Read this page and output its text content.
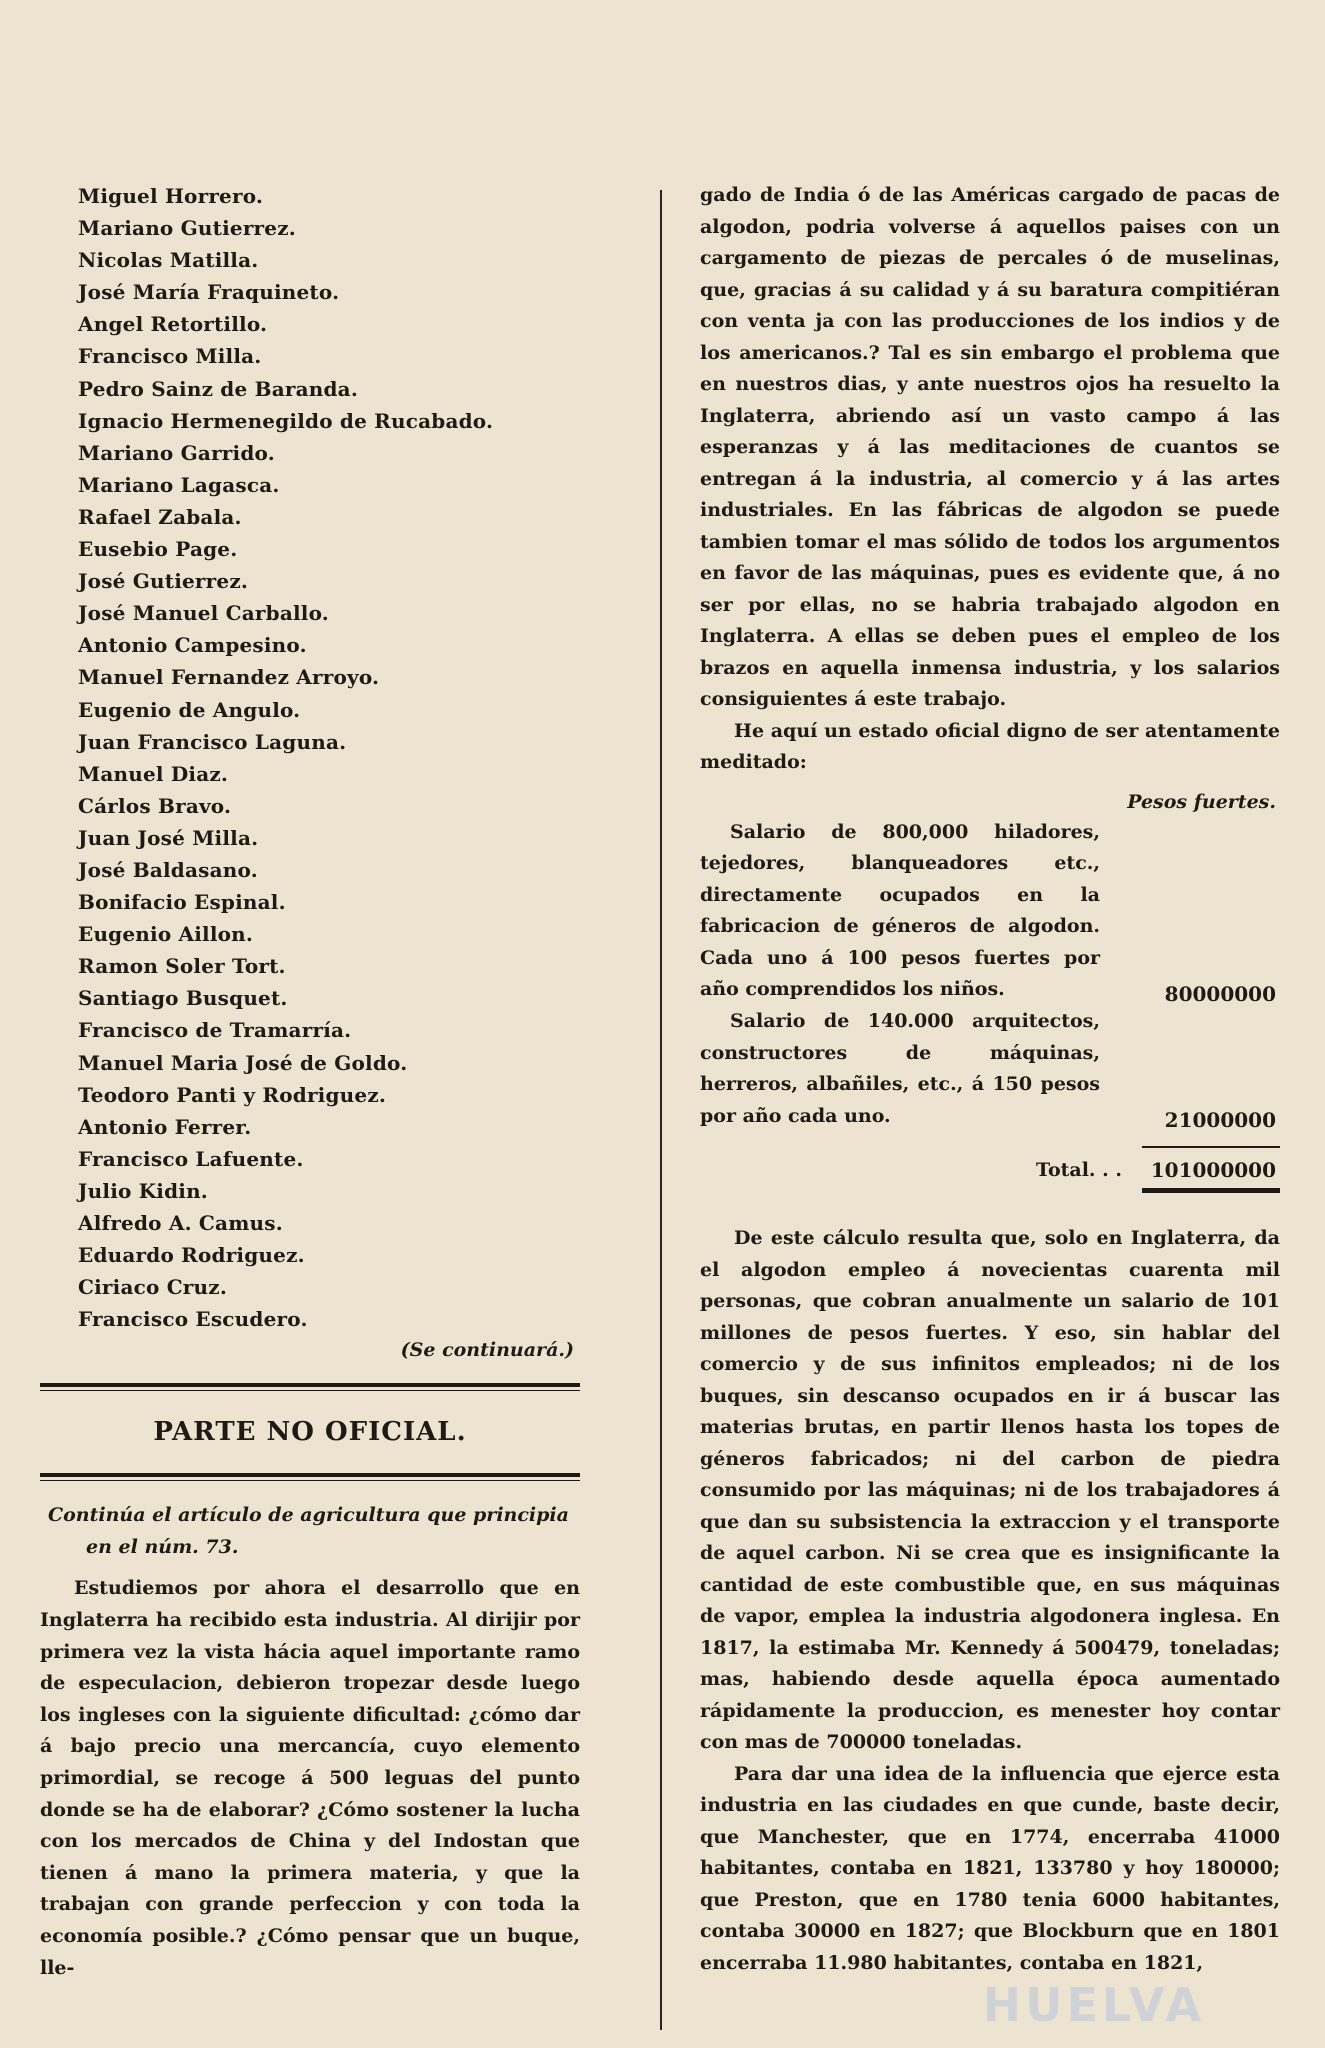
Miguel Horrero.
Mariano Gutierrez.
Nicolas Matilla.
José María Fraquineto.
Angel Retortillo.
Francisco Milla.
Pedro Sainz de Baranda.
Ignacio Hermenegildo de Rucabado.
Mariano Garrido.
Mariano Lagasca.
Rafael Zabala.
Eusebio Page.
José Gutierrez.
José Manuel Carballo.
Antonio Campesino.
Manuel Fernandez Arroyo.
Eugenio de Angulo.
Juan Francisco Laguna.
Manuel Diaz.
Cárlos Bravo.
Juan José Milla.
José Baldasano.
Bonifacio Espinal.
Eugenio Aillon.
Ramon Soler Tort.
Santiago Busquet.
Francisco de Tramarría.
Manuel Maria José de Goldo.
Teodoro Panti y Rodriguez.
Antonio Ferrer.
Francisco Lafuente.
Julio Kidin.
Alfredo A. Camus.
Eduardo Rodriguez.
Ciriaco Cruz.
Francisco Escudero.
(Se continuará.)
PARTE NO OFICIAL.
Continúa el artículo de agricultura que principia
en el núm. 73.

Estudiemos por ahora el desarrollo que en Inglaterra ha recibido esta industria. Al dirijir por primera vez la vista hácia aquel importante ramo de especulacion, debieron tropezar desde luego los ingleses con la siguiente dificultad: ¿cómo dar á bajo precio una mercancía, cuyo elemento primordial, se recoge á 500 leguas del punto donde se ha de elaborar? ¿Cómo sostener la lucha con los mercados de China y del Indostan que tienen á mano la primera materia, y que la trabajan con grande perfeccion y con toda la economía posible.? ¿Cómo pensar que un buque, lle-

gado de India ó de las Américas cargado de pacas de algodon, podria volverse á aquellos paises con un cargamento de piezas de percales ó de muselinas, que, gracias á su calidad y á su baratura compitiéran con venta ja con las producciones de los indios y de los americanos.? Tal es sin embargo el problema que en nuestros dias, y ante nuestros ojos ha resuelto la Inglaterra, abriendo así un vasto campo á las esperanzas y á las meditaciones de cuantos se entregan á la industria, al comercio y á las artes industriales. En las fábricas de algodon se puede tambien tomar el mas sólido de todos los argumentos en favor de las máquinas, pues es evidente que, á no ser por ellas, no se habria trabajado algodon en Inglaterra. A ellas se deben pues el empleo de los brazos en aquella inmensa industria, y los salarios consiguientes á este trabajo.

He aquí un estado oficial digno de ser atentamente meditado:

Pesos fuertes.
Salario de 800,000 hiladores, tejedores, blanqueadores etc., directamente ocupados en la fabricacion de géneros de algodon. Cada uno á 100 pesos fuertes por año comprendidos los niños.	80000000
Salario de 140.000 arquitectos, constructores de máquinas, herreros, albañiles, etc., á 150 pesos por año cada uno.	21000000
Total. . .	101000000

De este cálculo resulta que, solo en Inglaterra, da el algodon empleo á novecientas cuarenta mil personas, que cobran anualmente un salario de 101 millones de pesos fuertes. Y eso, sin hablar del comercio y de sus infinitos empleados; ni de los buques, sin descanso ocupados en ir á buscar las materias brutas, en partir llenos hasta los topes de géneros fabricados; ni del carbon de piedra consumido por las máquinas; ni de los trabajadores á que dan su subsistencia la extraccion y el transporte de aquel carbon. Ni se crea que es insignificante la cantidad de este combustible que, en sus máquinas de vapor, emplea la industria algodonera inglesa. En 1817, la estimaba Mr. Kennedy á 500479, toneladas; mas, habiendo desde aquella época aumentado rápidamente la produccion, es menester hoy contar con mas de 700000 toneladas.

Para dar una idea de la influencia que ejerce esta industria en las ciudades en que cunde, baste decir, que Manchester, que en 1774, encerraba 41000 habitantes, contaba en 1821, 133780 y hoy 180000; que Preston, que en 1780 tenia 6000 habitantes, contaba 30000 en 1827; que Blockburn que en 1801 encerraba 11.980 habitantes, contaba en 1821,

HUELVA
